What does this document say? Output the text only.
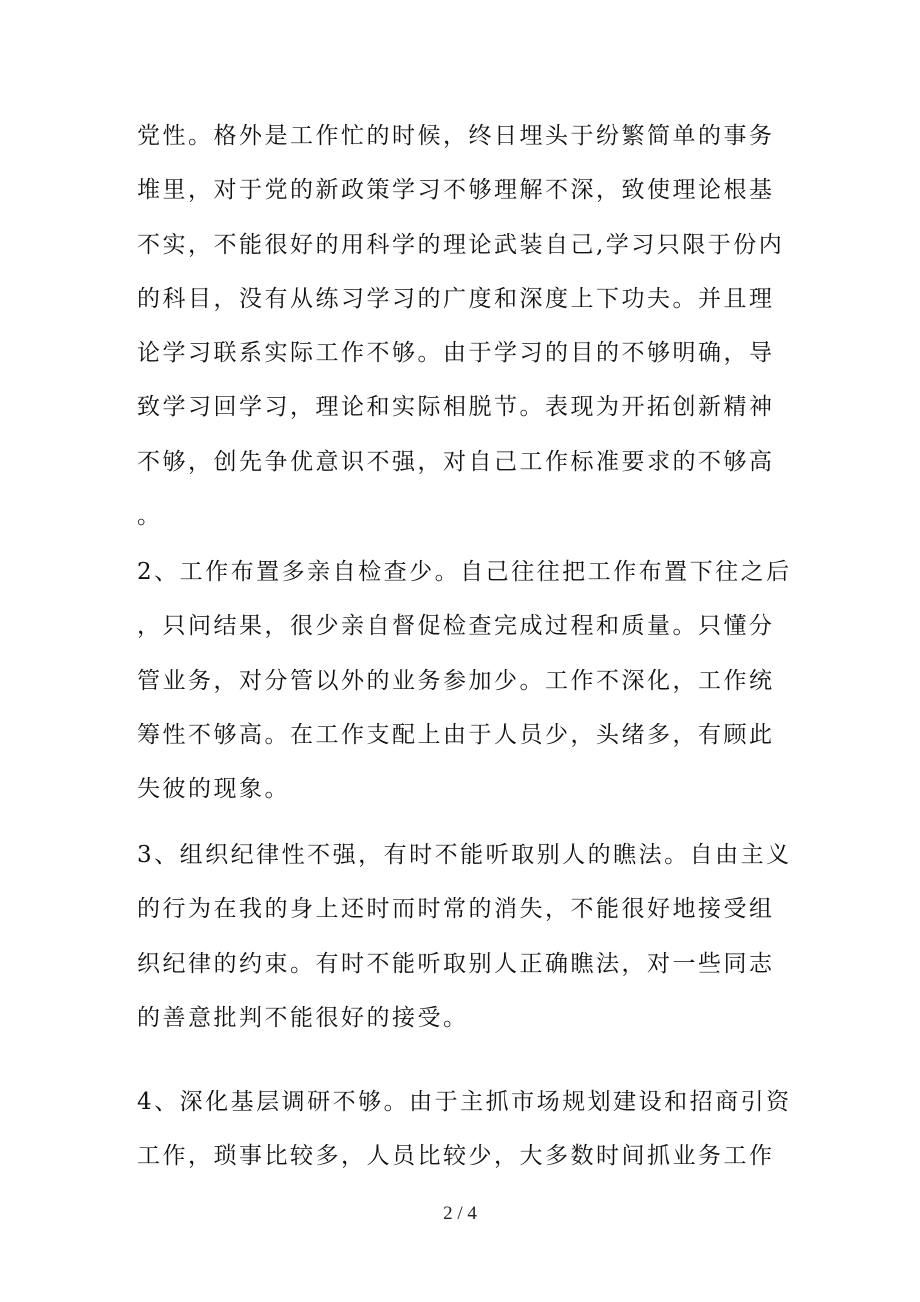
党性。格外是工作忙的时候，终日埋头于纷繁简单的事务
堆里，对于党的新政策学习不够理解不深，致使理论根基
不实，不能很好的用科学的理论武装自己,学习只限于份内
的科目，没有从练习学习的广度和深度上下功夫。并且理
论学习联系实际工作不够。由于学习的目的不够明确，导
致学习回学习，理论和实际相脱节。表现为开拓创新精神
不够，创先争优意识不强，对自己工作标准要求的不够高
。
2、工作布置多亲自检查少。自己往往把工作布置下往之后
，只问结果，很少亲自督促检查完成过程和质量。只懂分
管业务，对分管以外的业务参加少。工作不深化，工作统
筹性不够高。在工作支配上由于人员少，头绪多，有顾此
失彼的现象。
3、组织纪律性不强，有时不能听取别人的瞧法。自由主义
的行为在我的身上还时而时常的消失，不能很好地接受组
织纪律的约束。有时不能听取别人正确瞧法，对一些同志
的善意批判不能很好的接受。
4、深化基层调研不够。由于主抓市场规划建设和招商引资
工作，琐事比较多，人员比较少，大多数时间抓业务工作
2 / 4
